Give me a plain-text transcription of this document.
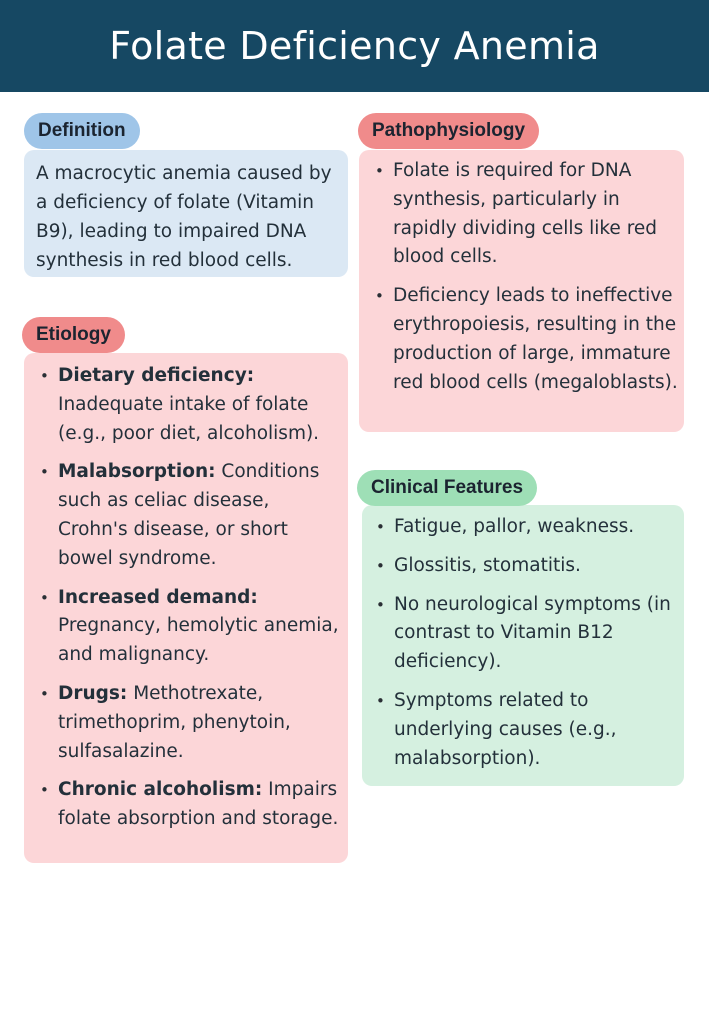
Folate Deficiency Anemia
A macrocytic anemia caused by a deficiency of folate (Vitamin B9), leading to impaired DNA synthesis in red blood cells.
Definition
• Dietary deficiency: Inadequate intake of folate (e.g., poor diet, alcoholism).
• Malabsorption: Conditions such as celiac disease, Crohn's disease, or short bowel syndrome.
• Increased demand: Pregnancy, hemolytic anemia, and malignancy.
• Drugs: Methotrexate, trimethoprim, phenytoin, sulfasalazine.
• Chronic alcoholism: Impairs folate absorption and storage.
Etiology
• Folate is required for DNA synthesis, particularly in rapidly dividing cells like red blood cells.
• Deficiency leads to ineffective erythropoiesis, resulting in the production of large, immature red blood cells (megaloblasts).
Pathophysiology
• Fatigue, pallor, weakness.
• Glossitis, stomatitis.
• No neurological symptoms (in contrast to Vitamin B12 deficiency).
• Symptoms related to underlying causes (e.g., malabsorption).
Clinical Features
